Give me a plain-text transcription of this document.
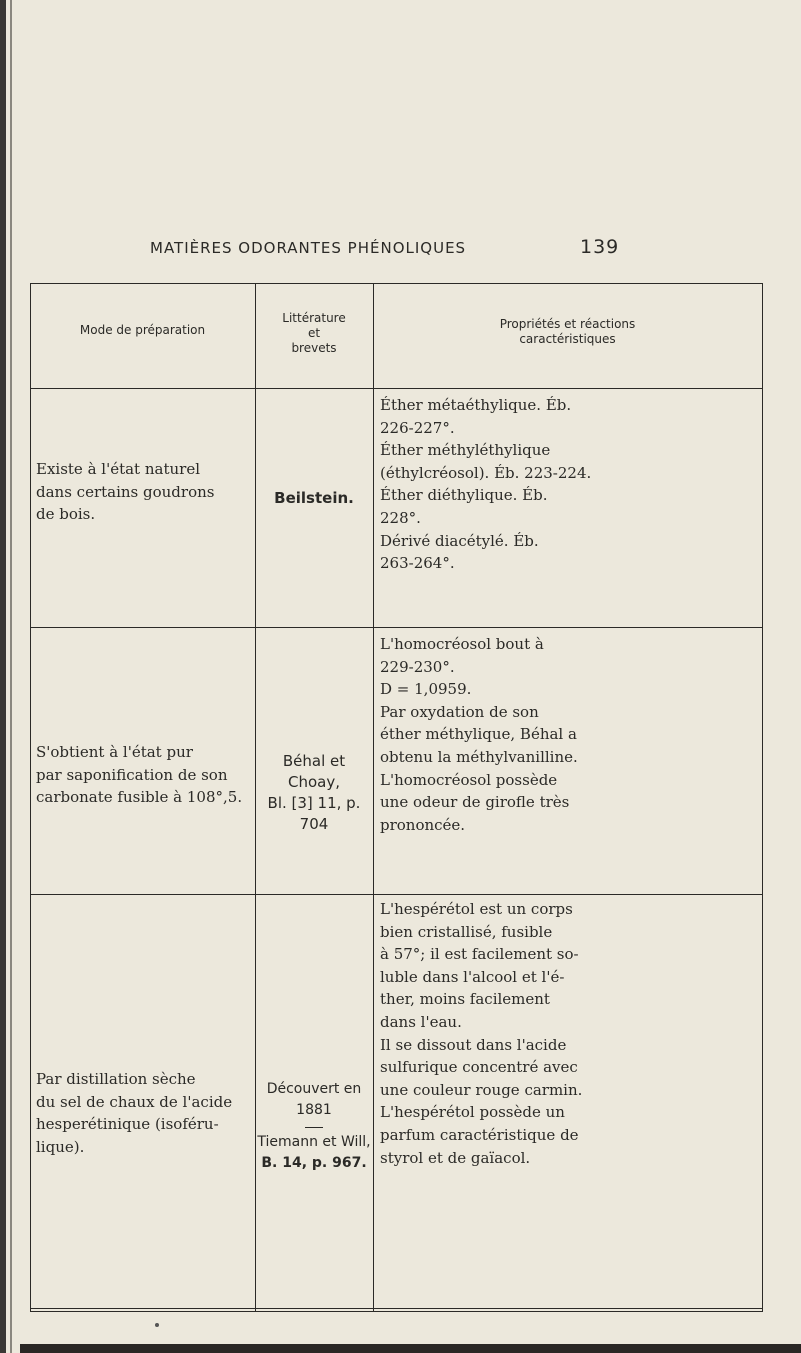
MATIÈRES ODORANTES PHÉNOLIQUES	139
Mode de préparation
Littérature
et
brevets
Propriétés et réactions
caractéristiques
Existe à l'état naturel
dans certains goudrons
de bois.
Beilstein.
Éther métaéthylique. Éb.
226-227°.
Éther méthyléthylique
(éthylcréosol). Éb. 223-224.
Éther diéthylique. Éb.
228°.
Dérivé diacétylé. Éb.
263-264°.
S'obtient à l'état pur
par saponification de son
carbonate fusible à 108°,5.
Béhal et Choay,
Bl. [3] 11, p. 704
L'homocréosol bout à
229-230°.
D = 1,0959.
Par oxydation de son
éther méthylique, Béhal a
obtenu la méthylvanilline.
L'homocréosol possède
une odeur de girofle très
prononcée.
Par distillation sèche
du sel de chaux de l'acide
hesperétinique (isoféru-
lique).
Découvert en 1881
Tiemann et Will,
B. 14, p. 967.
L'hespérétol est un corps
bien cristallisé, fusible
à 57°; il est facilement so-
luble dans l'alcool et l'é-
ther, moins facilement
dans l'eau.
Il se dissout dans l'acide
sulfurique concentré avec
une couleur rouge carmin.
L'hespérétol possède un
parfum caractéristique de
styrol et de gaïacol.
